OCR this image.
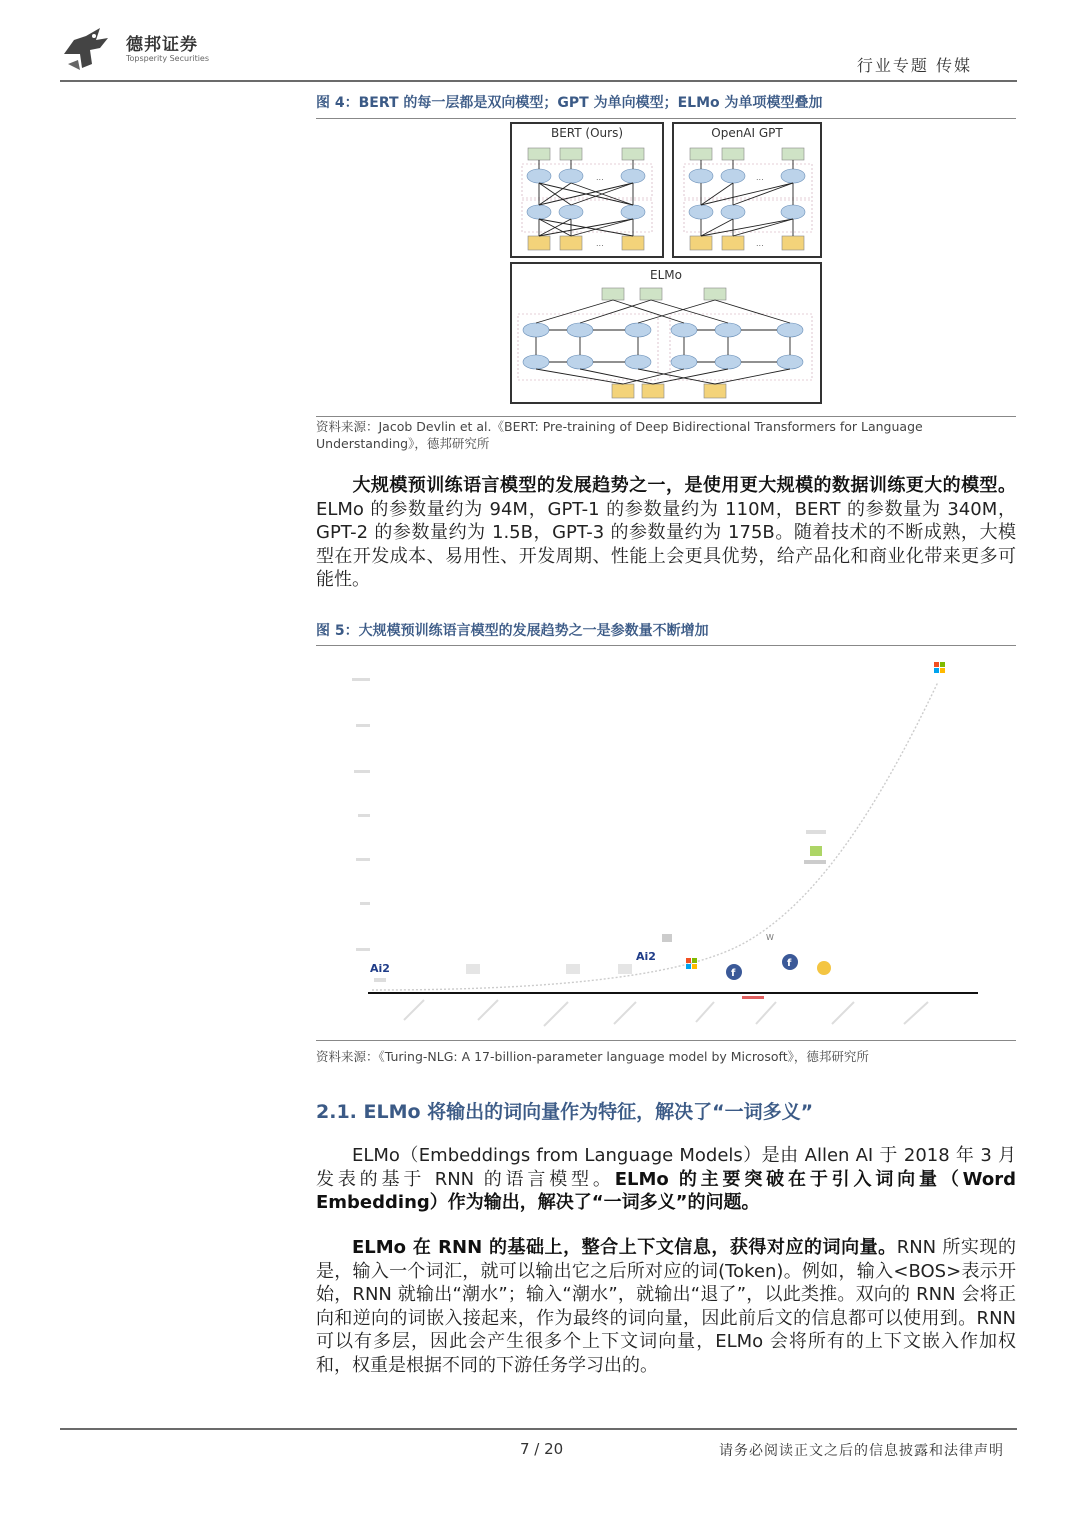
德邦证券
Topsperity Securities	行业专题 传媒
图 4：BERT 的每一层都是双向模型；GPT 为单向模型；ELMo 为单项模型叠加
BERT (Ours)
...
...
OpenAI GPT
...
...
ELMo
资料来源：Jacob Devlin et al.《BERT: Pre-training of Deep Bidirectional Transformers for Language Understanding》，德邦研究所
大规模预训练语言模型的发展趋势之一，是使用更大规模的数据训练更大的模型。ELMo 的参数量约为 94M，GPT-1 的参数量约为 110M，BERT 的参数量为 340M，GPT-2 的参数量约为 1.5B，GPT-3 的参数量约为 175B。随着技术的不断成熟，大模型在开发成本、易用性、开发周期、性能上会更具优势，给产品化和商业化带来更多可能性。
图 5：大规模预训练语言模型的发展趋势之一是参数量不断增加
Ai2
Ai2
f
W
f
资料来源：《Turing-NLG: A 17-billion-parameter language model by Microsoft》，德邦研究所
2.1. ELMo 将输出的词向量作为特征，解决了“一词多义”
ELMo（Embeddings from Language Models）是由 Allen AI 于 2018 年 3 月发表的基于 RNN 的语言模型。ELMo 的主要突破在于引入词向量（Word Embedding）作为输出，解决了“一词多义”的问题。
ELMo 在 RNN 的基础上，整合上下文信息，获得对应的词向量。RNN 所实现的是，输入一个词汇，就可以输出它之后所对应的词(Token)。例如，输入<BOS>表示开始，RNN 就输出“潮水”；输入“潮水”，就输出“退了”，以此类推。双向的 RNN 会将正向和逆向的词嵌入接起来，作为最终的词向量，因此前后文的信息都可以使用到。RNN 可以有多层，因此会产生很多个上下文词向量，ELMo 会将所有的上下文嵌入作加权和，权重是根据不同的下游任务学习出的。
7 / 20	请务必阅读正文之后的信息披露和法律声明
